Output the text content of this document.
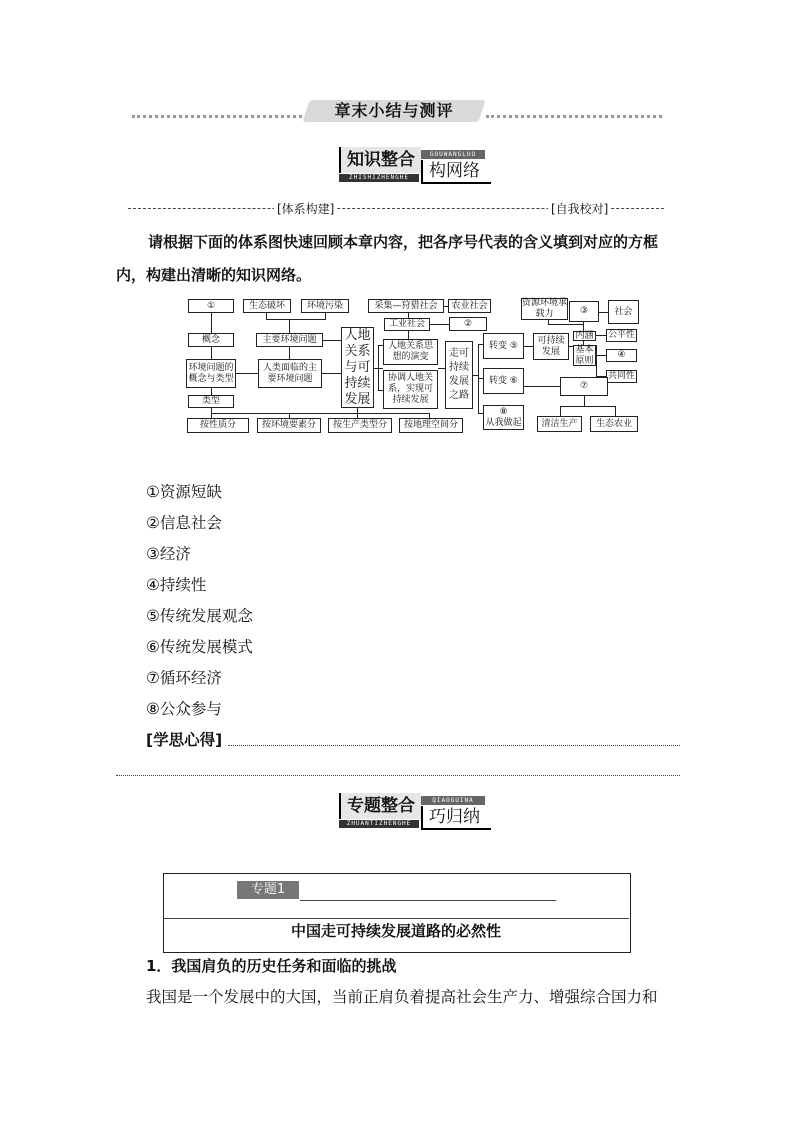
章末小结与测评
知识整合	GOUWANGLUO
ZHISHIZHENGHE	构网络
[体系构建]	[自我校对]
请根据下面的体系图快速回顾本章内容，把各序号代表的含义填到对应的方框内，构建出清晰的知识网络。
①	生态破坏	环境污染
概念	主要环境问题
环境问题的概念与类型
人类面临的主要环境问题
类型
人地关系与可持续发展
采集—狩猎社会	农业社会
工业社会	②
人地关系思想的演变
协调人地关系，实现可持续发展
走可持续发展之路
转变 ⑤
转变 ⑥
⑧
从我做起
可持续发展
资源环境承载力	③	社会
内涵
基本原则
公平性
④
共同性
⑦
清洁生产	生态农业
按性质分	按环境要素分	按生产类型分	按地理空间分
①资源短缺
②信息社会
③经济
④持续性
⑤传统发展观念
⑥传统发展模式
⑦循环经济
⑧公众参与
[学思心得]
专题整合	QIAOGUINA
ZHUANTIZHENGHE	巧归纳
专题1
中国走可持续发展道路的必然性
1．我国肩负的历史任务和面临的挑战
我国是一个发展中的大国，当前正肩负着提高社会生产力、增强综合国力和
